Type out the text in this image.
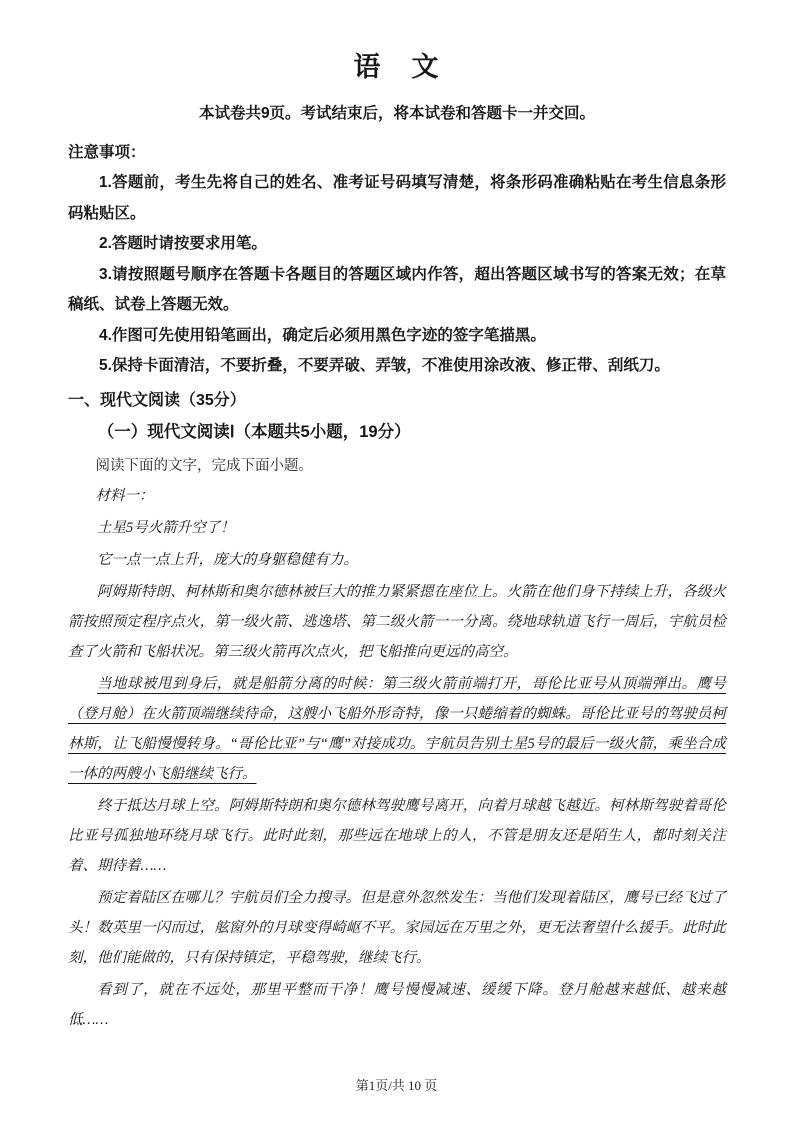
语　文
本试卷共9页。考试结束后，将本试卷和答题卡一并交回。
注意事项：

1.答题前，考生先将自己的姓名、准考证号码填写清楚，将条形码准确粘贴在考生信息条形码粘贴区。

2.答题时请按要求用笔。

3.请按照题号顺序在答题卡各题目的答题区域内作答，超出答题区域书写的答案无效；在草稿纸、试卷上答题无效。

4.作图可先使用铅笔画出，确定后必须用黑色字迹的签字笔描黑。

5.保持卡面清洁，不要折叠，不要弄破、弄皱，不准使用涂改液、修正带、刮纸刀。

一、现代文阅读（35分）
（一）现代文阅读Ⅰ（本题共5小题，19分）
阅读下面的文字，完成下面小题。
材料一：

土星5号火箭升空了！

它一点一点上升，庞大的身躯稳健有力。

阿姆斯特朗、柯林斯和奥尔德林被巨大的推力紧紧摁在座位上。火箭在他们身下持续上升，各级火箭按照预定程序点火，第一级火箭、逃逸塔、第二级火箭一一分离。绕地球轨道飞行一周后，宇航员检查了火箭和飞船状况。第三级火箭再次点火，把飞船推向更远的高空。

当地球被甩到身后，就是船箭分离的时候：第三级火箭前端打开，哥伦比亚号从顶端弹出。鹰号（登月舱）在火箭顶端继续待命，这艘小飞船外形奇特，像一只蜷缩着的蜘蛛。哥伦比亚号的驾驶员柯林斯，让飞船慢慢转身。“哥伦比亚”与“鹰”对接成功。宇航员告别土星5号的最后一级火箭，乘坐合成一体的两艘小飞船继续飞行。

终于抵达月球上空。阿姆斯特朗和奥尔德林驾驶鹰号离开，向着月球越飞越近。柯林斯驾驶着哥伦比亚号孤独地环绕月球飞行。此时此刻，那些远在地球上的人，不管是朋友还是陌生人，都时刻关注着、期待着……

预定着陆区在哪儿？宇航员们全力搜寻。但是意外忽然发生：当他们发现着陆区，鹰号已经飞过了头！数英里一闪而过，舷窗外的月球变得崎岖不平。家园远在万里之外，更无法奢望什么援手。此时此刻，他们能做的，只有保持镇定，平稳驾驶，继续飞行。

看到了，就在不远处，那里平整而干净！鹰号慢慢减速、缓缓下降。登月舱越来越低、越来越低……

第1页/共 10 页
